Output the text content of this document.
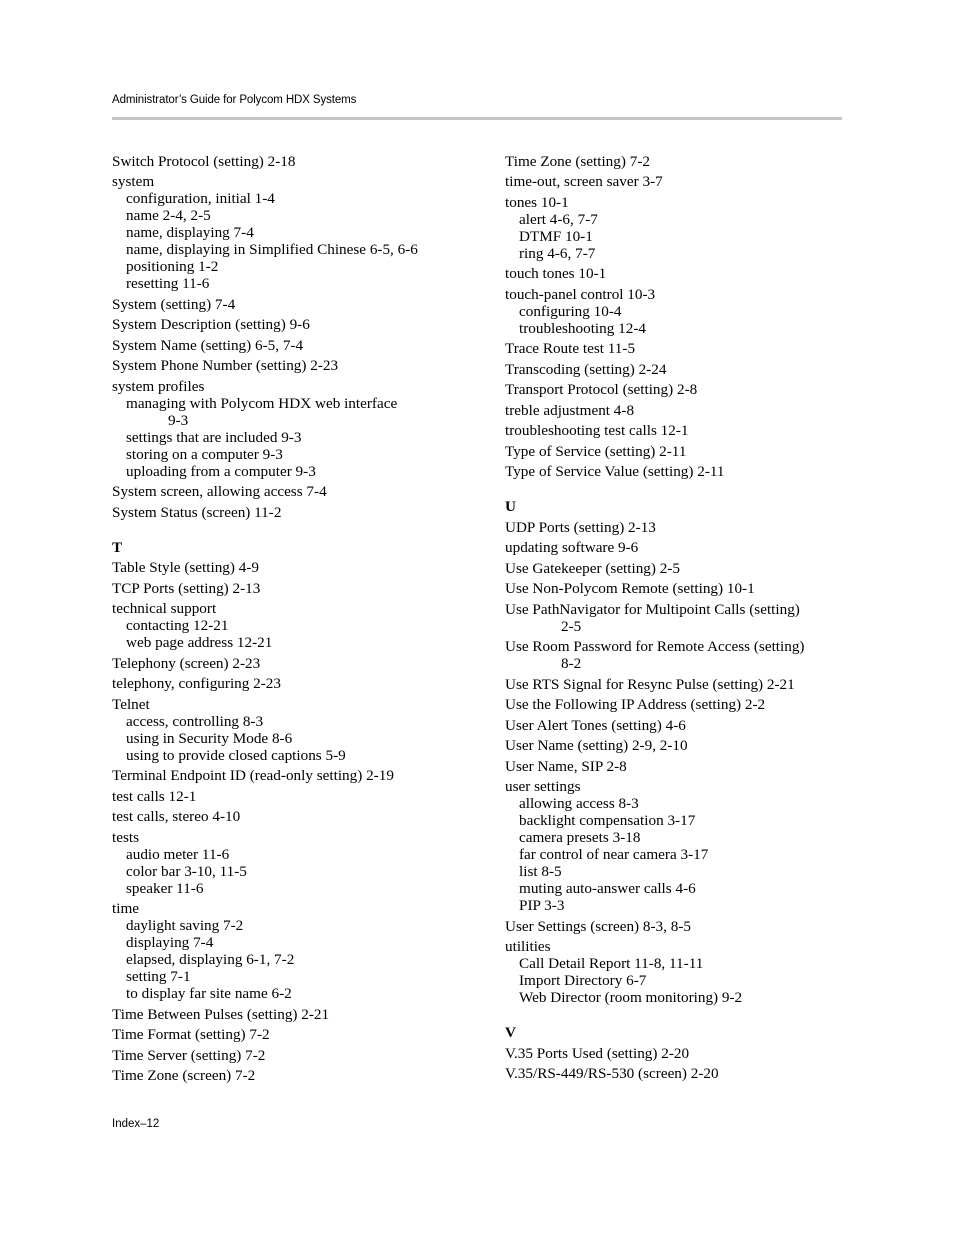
Administrator’s Guide for Polycom HDX Systems
Switch Protocol (setting) 2-18
system
configuration, initial 1-4
name 2-4, 2-5
name, displaying 7-4
name, displaying in Simplified Chinese 6-5, 6-6
positioning 1-2
resetting 11-6
System (setting) 7-4
System Description (setting) 9-6
System Name (setting) 6-5, 7-4
System Phone Number (setting) 2-23
system profiles
managing with Polycom HDX web interface
9-3
settings that are included 9-3
storing on a computer 9-3
uploading from a computer 9-3
System screen, allowing access 7-4
System Status (screen) 11-2
T
Table Style (setting) 4-9
TCP Ports (setting) 2-13
technical support
contacting 12-21
web page address 12-21
Telephony (screen) 2-23
telephony, configuring 2-23
Telnet
access, controlling 8-3
using in Security Mode 8-6
using to provide closed captions 5-9
Terminal Endpoint ID (read-only setting) 2-19
test calls 12-1
test calls, stereo 4-10
tests
audio meter 11-6
color bar 3-10, 11-5
speaker 11-6
time
daylight saving 7-2
displaying 7-4
elapsed, displaying 6-1, 7-2
setting 7-1
to display far site name 6-2
Time Between Pulses (setting) 2-21
Time Format (setting) 7-2
Time Server (setting) 7-2
Time Zone (screen) 7-2
Time Zone (setting) 7-2
time-out, screen saver 3-7
tones 10-1
alert 4-6, 7-7
DTMF 10-1
ring 4-6, 7-7
touch tones 10-1
touch-panel control 10-3
configuring 10-4
troubleshooting 12-4
Trace Route test 11-5
Transcoding (setting) 2-24
Transport Protocol (setting) 2-8
treble adjustment 4-8
troubleshooting test calls 12-1
Type of Service (setting) 2-11
Type of Service Value (setting) 2-11
U
UDP Ports (setting) 2-13
updating software 9-6
Use Gatekeeper (setting) 2-5
Use Non-Polycom Remote (setting) 10-1
Use PathNavigator for Multipoint Calls (setting)
2-5
Use Room Password for Remote Access (setting)
8-2
Use RTS Signal for Resync Pulse (setting) 2-21
Use the Following IP Address (setting) 2-2
User Alert Tones (setting) 4-6
User Name (setting) 2-9, 2-10
User Name, SIP 2-8
user settings
allowing access 8-3
backlight compensation 3-17
camera presets 3-18
far control of near camera 3-17
list 8-5
muting auto-answer calls 4-6
PIP 3-3
User Settings (screen) 8-3, 8-5
utilities
Call Detail Report 11-8, 11-11
Import Directory 6-7
Web Director (room monitoring) 9-2
V
V.35 Ports Used (setting) 2-20
V.35/RS-449/RS-530 (screen) 2-20
Index–12
